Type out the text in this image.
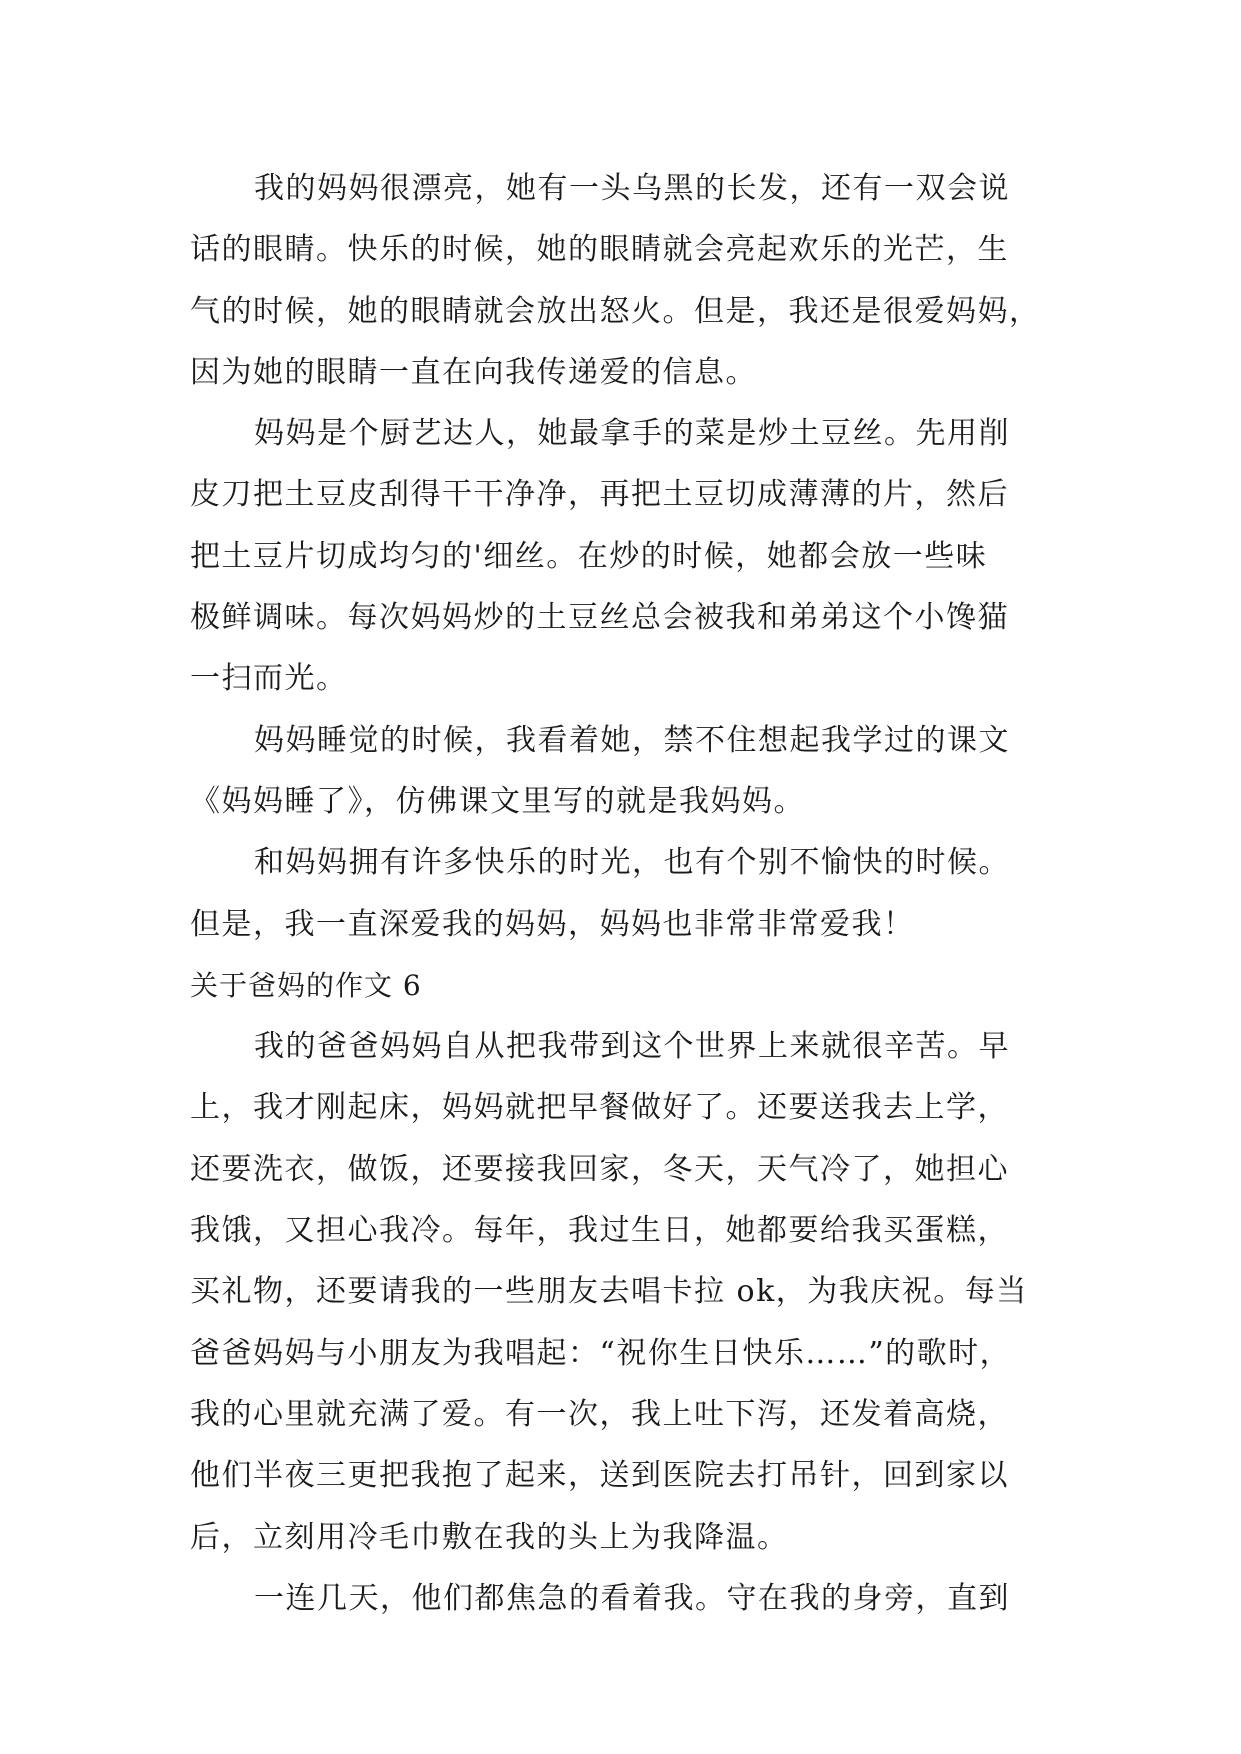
我的妈妈很漂亮，她有一头乌黑的长发，还有一双会说
话的眼睛。快乐的时候，她的眼睛就会亮起欢乐的光芒，生
气的时候，她的眼睛就会放出怒火。但是，我还是很爱妈妈，
因为她的眼睛一直在向我传递爱的信息。
妈妈是个厨艺达人，她最拿手的菜是炒土豆丝。先用削
皮刀把土豆皮刮得干干净净，再把土豆切成薄薄的片，然后
把土豆片切成均匀的'细丝。在炒的时候，她都会放一些味
极鲜调味。每次妈妈炒的土豆丝总会被我和弟弟这个小馋猫
一扫而光。
妈妈睡觉的时候，我看着她，禁不住想起我学过的课文
《妈妈睡了》，仿佛课文里写的就是我妈妈。
和妈妈拥有许多快乐的时光，也有个别不愉快的时候。
但是，我一直深爱我的妈妈，妈妈也非常非常爱我！
关于爸妈的作文 6
我的爸爸妈妈自从把我带到这个世界上来就很辛苦。早
上，我才刚起床，妈妈就把早餐做好了。还要送我去上学，
还要洗衣，做饭，还要接我回家，冬天，天气冷了，她担心
我饿，又担心我冷。每年，我过生日，她都要给我买蛋糕，
买礼物，还要请我的一些朋友去唱卡拉 ok，为我庆祝。每当
爸爸妈妈与小朋友为我唱起：“祝你生日快乐……”的歌时，
我的心里就充满了爱。有一次，我上吐下泻，还发着高烧，
他们半夜三更把我抱了起来，送到医院去打吊针，回到家以
后，立刻用冷毛巾敷在我的头上为我降温。
一连几天，他们都焦急的看着我。守在我的身旁，直到
